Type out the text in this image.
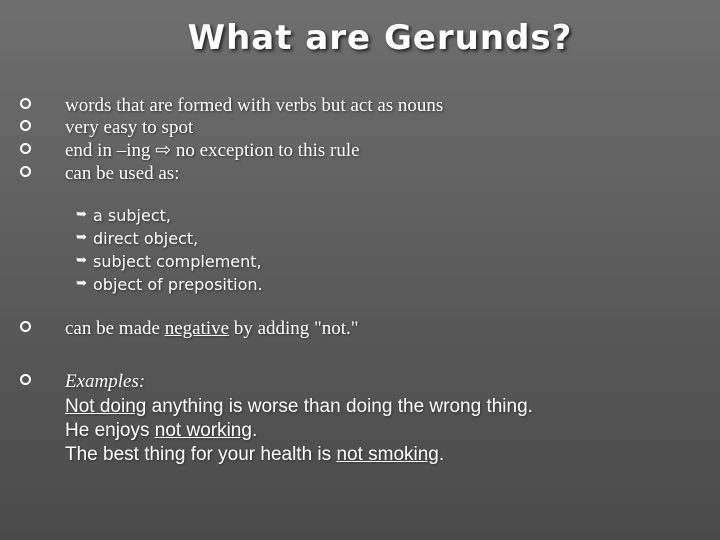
What are Gerunds?
words that are formed with verbs but act as nouns
very easy to spot
end in –ing ⇨ no exception to this rule
can be used as:
➥ a subject,
➥ direct object,
➥ subject complement,
➥ object of preposition.
can be made negative by adding "not."
Examples:
Not doing anything is worse than doing the wrong thing.
He enjoys not working.
The best thing for your health is not smoking.
